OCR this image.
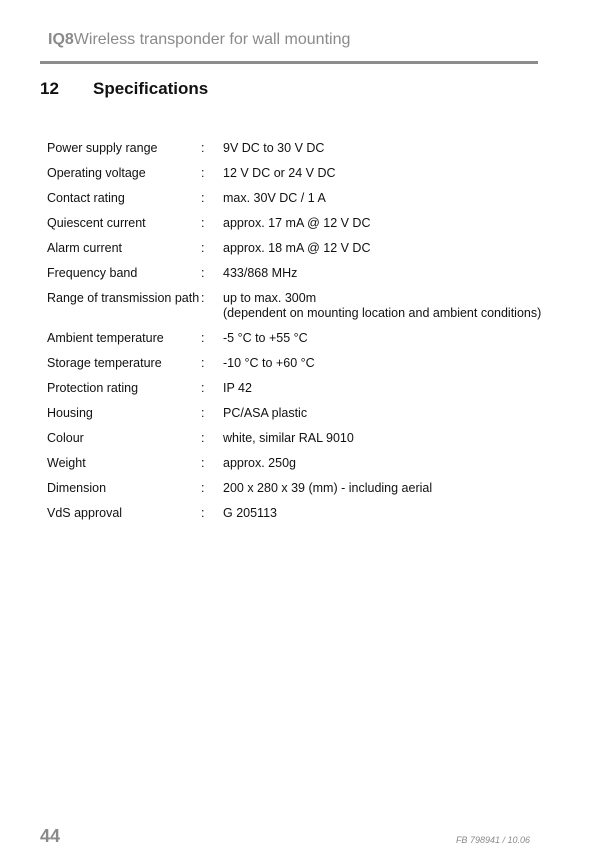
IQ8Wireless transponder for wall mounting
12 Specifications
Power supply range	:	9V DC to 30 V DC
Operating voltage	:	12 V DC or 24 V DC
Contact rating	:	max. 30V DC / 1 A
Quiescent current	:	approx. 17 mA @ 12 V DC
Alarm current	:	approx. 18 mA @ 12 V DC
Frequency band	:	433/868 MHz
Range of transmission path :	up to max. 300m
(dependent on mounting location and ambient conditions)
Ambient temperature	:	-5 °C to +55 °C
Storage temperature	:	-10 °C to +60 °C
Protection rating	:	IP 42
Housing	:	PC/ASA plastic
Colour	:	white, similar RAL 9010
Weight	:	approx. 250g
Dimension	:	200 x 280 x 39 (mm) - including aerial
VdS approval	:	G 205113
44	FB 798941 / 10.06
